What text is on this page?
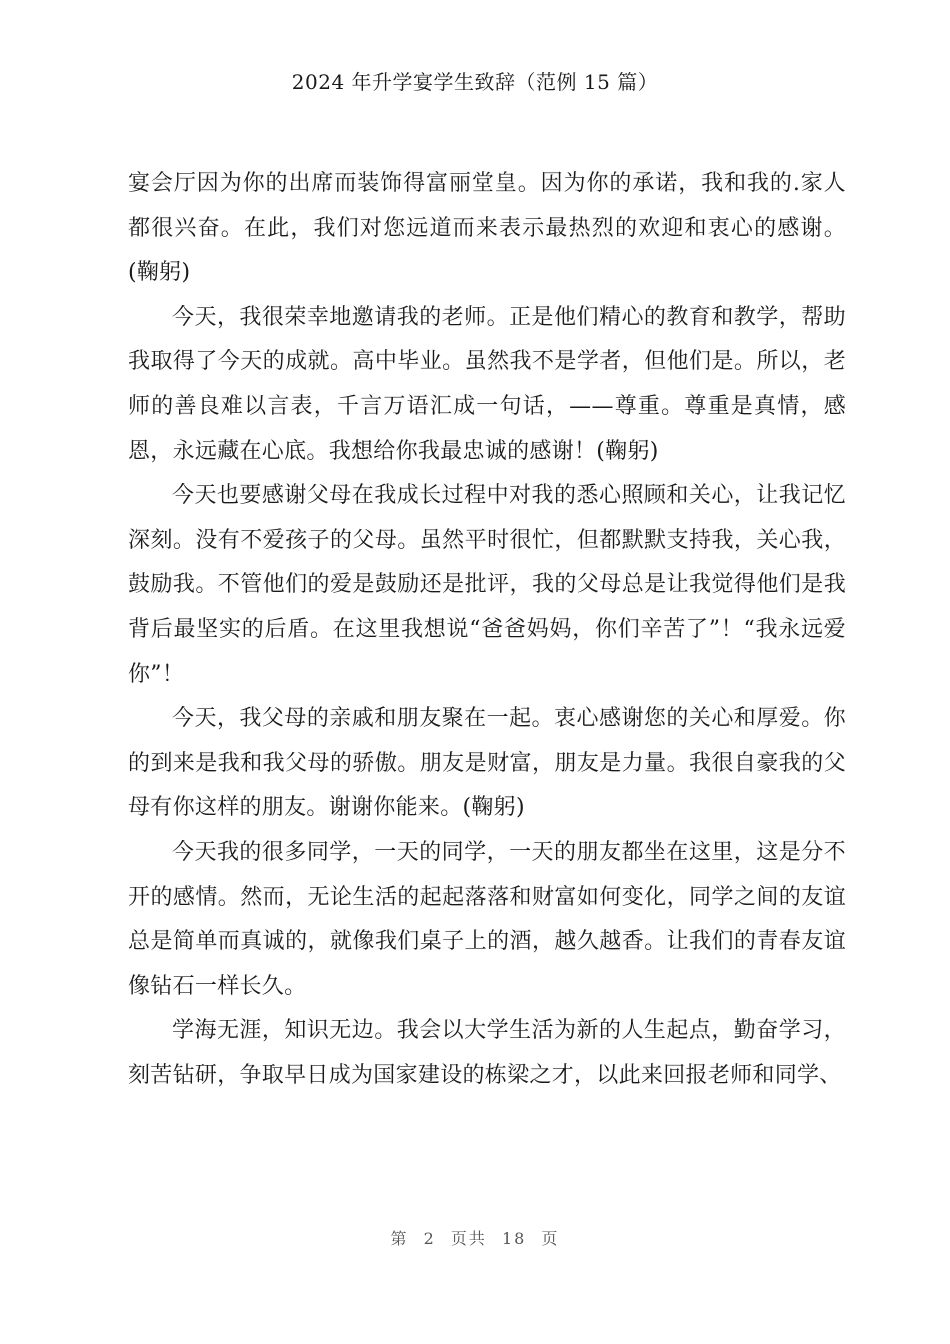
2024 年升学宴学生致辞（范例 15 篇）

宴会厅因为你的出席而装饰得富丽堂皇。因为你的承诺，我和我的.家人都很兴奋。在此，我们对您远道而来表示最热烈的欢迎和衷心的感谢。(鞠躬)

今天，我很荣幸地邀请我的老师。正是他们精心的教育和教学，帮助我取得了今天的成就。高中毕业。虽然我不是学者，但他们是。所以，老师的善良难以言表，千言万语汇成一句话，——尊重。尊重是真情，感恩，永远藏在心底。我想给你我最忠诚的感谢！(鞠躬)

今天也要感谢父母在我成长过程中对我的悉心照顾和关心，让我记忆深刻。没有不爱孩子的父母。虽然平时很忙，但都默默支持我，关心我，鼓励我。不管他们的爱是鼓励还是批评，我的父母总是让我觉得他们是我背后最坚实的后盾。在这里我想说“爸爸妈妈，你们辛苦了”！“我永远爱你”！

今天，我父母的亲戚和朋友聚在一起。衷心感谢您的关心和厚爱。你的到来是我和我父母的骄傲。朋友是财富，朋友是力量。我很自豪我的父母有你这样的朋友。谢谢你能来。(鞠躬)

今天我的很多同学，一天的同学，一天的朋友都坐在这里，这是分不开的感情。然而，无论生活的起起落落和财富如何变化，同学之间的友谊总是简单而真诚的，就像我们桌子上的酒，越久越香。让我们的青春友谊像钻石一样长久。

学海无涯，知识无边。我会以大学生活为新的人生起点，勤奋学习，刻苦钻研，争取早日成为国家建设的栋梁之才，以此来回报老师和同学、

第 2 页共 18 页
